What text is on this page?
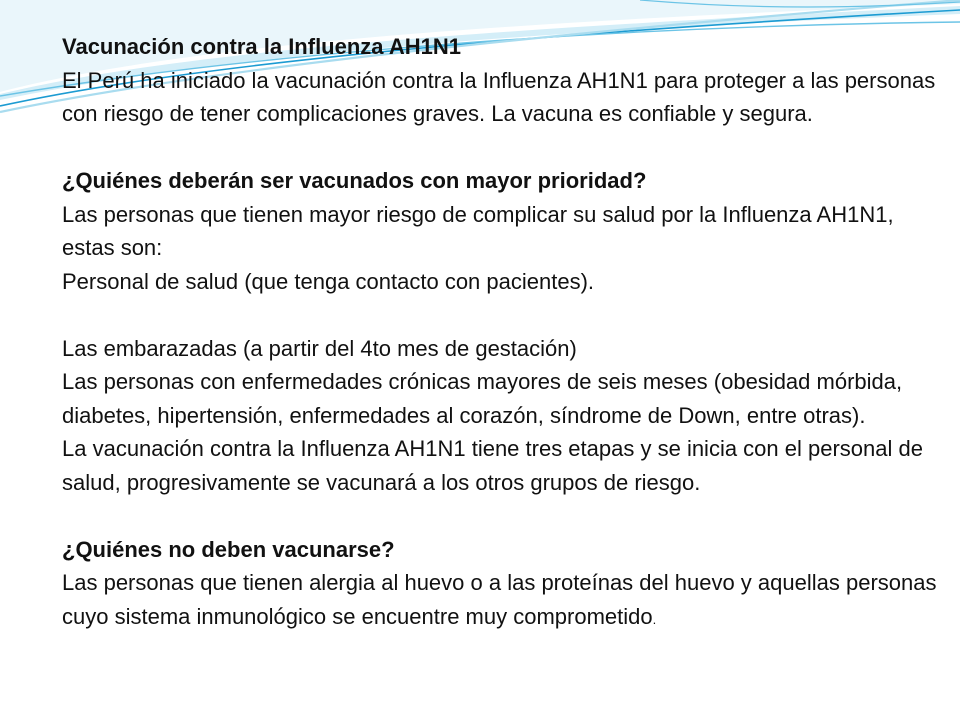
Vacunación contra la Influenza AH1N1

El Perú ha iniciado la vacunación contra la Influenza AH1N1 para proteger a las personas con riesgo de tener complicaciones graves. La vacuna es confiable y segura.

¿Quiénes deberán ser vacunados con mayor prioridad?

Las personas que tienen mayor riesgo de complicar su salud por la Influenza AH1N1, estas son:

Personal de salud (que tenga contacto con pacientes).

Las embarazadas (a partir del 4to mes de gestación)

Las personas con enfermedades crónicas mayores de seis meses (obesidad mórbida, diabetes, hipertensión, enfermedades al corazón, síndrome de Down, entre otras).

La vacunación contra la Influenza AH1N1 tiene tres etapas y se inicia con el personal de salud, progresivamente se vacunará a los otros grupos de riesgo.

¿Quiénes no deben vacunarse?

Las personas que tienen alergia al huevo o a las proteínas del huevo y aquellas personas cuyo sistema inmunológico se encuentre muy comprometido.
